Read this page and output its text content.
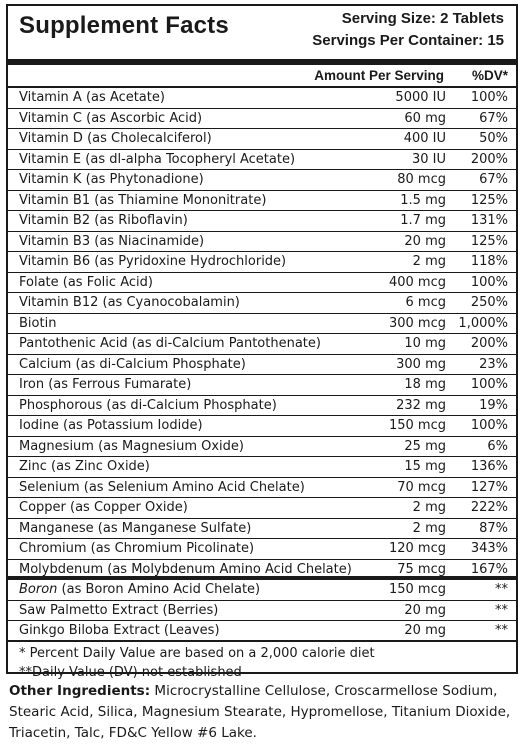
Supplement Facts	Serving Size: 2 Tablets
Servings Per Container: 15
Amount Per Serving %DV*
Vitamin A (as Acetate)	5000 IU 100%
Vitamin C (as Ascorbic Acid)	60 mg	67%
Vitamin D (as Cholecalciferol)	400 IU	50%
Vitamin E (as dl-alpha Tocopheryl Acetate)	30 IU 200%
Vitamin K (as Phytonadione)	80 mcg	67%
Vitamin B1 (as Thiamine Mononitrate)	1.5 mg 125%
Vitamin B2 (as Riboflavin)	1.7 mg 131%
Vitamin B3 (as Niacinamide)	20 mg 125%
Vitamin B6 (as Pyridoxine Hydrochloride)	2 mg 118%
Folate (as Folic Acid)	400 mcg 100%
Vitamin B12 (as Cyanocobalamin)	6 mcg 250%
Biotin	300 mcg 1,000%
Pantothenic Acid (as di-Calcium Pantothenate)	10 mg 200%
Calcium (as di-Calcium Phosphate)	300 mg	23%
Iron (as Ferrous Fumarate)	18 mg 100%
Phosphorous (as di-Calcium Phosphate)	232 mg	19%
Iodine (as Potassium Iodide)	150 mcg 100%
Magnesium (as Magnesium Oxide)	25 mg	6%
Zinc (as Zinc Oxide)	15 mg 136%
Selenium (as Selenium Amino Acid Chelate)	70 mcg 127%
Copper (as Copper Oxide)	2 mg 222%
Manganese (as Manganese Sulfate)	2 mg	87%
Chromium (as Chromium Picolinate)	120 mcg 343%
Molybdenum (as Molybdenum Amino Acid Chelate)	75 mcg 167%
Boron (as Boron Amino Acid Chelate)	150 mcg	**
Saw Palmetto Extract (Berries)	20 mg	**
Ginkgo Biloba Extract (Leaves)	20 mg	**
* Percent Daily Value are based on a 2,000 calorie diet
**Daily Value (DV) not established
Other Ingredients: Microcrystalline Cellulose, Croscarmellose Sodium, Stearic Acid, Silica, Magnesium Stearate, Hypromellose, Titanium Dioxide, Triacetin, Talc, FD&C Yellow #6 Lake.
